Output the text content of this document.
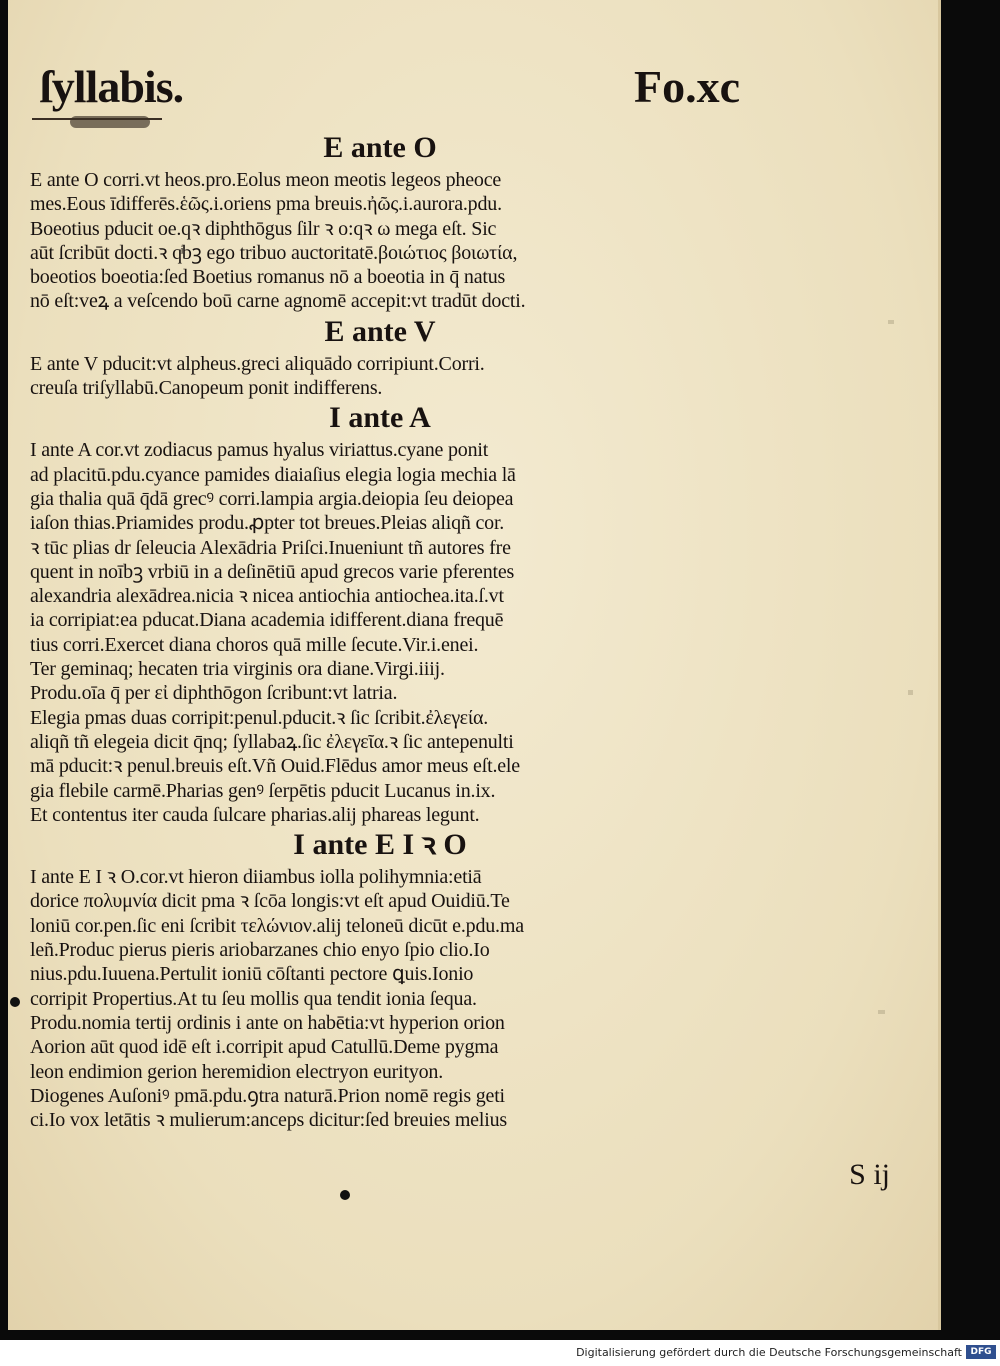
ſyllabis.	Fo.xc
E ante O
E ante O corri.vt heos.pro.Eolus meon meotis legeos pheoce
mes.Eous īdifferēs.ἑῶς.i.oriens pma breuis.ἠῶς.i.aurora.pdu.
Boeotius pducit oe.qꝛ diphthōgus ſilr ꝛ o:qꝛ ω mega eſt. Sic
aūt ſcribūt docti.ꝛ qͥbꝫ ego tribuo auctoritatē.βοιώτιος βοιωτία,
boeotios boeotia:ſed Boetius romanus nō a boeotia in q̄ natus
nō eſt:veꝝ a veſcendo boū carne agnomē accepit:vt tradūt docti.
E ante V
E ante V pducit:vt alpheus.greci aliquādo corripiunt.Corri.
creuſa triſyllabū.Canopeum ponit indifferens.
I ante A
I ante A cor.vt zodiacus pamus hyalus viriattus.cyane ponit
ad placitū.pdu.cyance pamides diaiaſius elegia logia mechia lā
gia thalia quā q̄dā grecꝰ corri.lampia argia.deiopia ſeu deiopea
iaſon thias.Priamides produ.ꝓpter tot breues.Pleias aliqñ cor.
ꝛ tūc plias dr ſeleucia Alexādria Priſci.Inueniunt tñ autores fre
quent in noībꝫ vrbiū in a deſinētiū apud grecos varie pferentes
alexandria alexādrea.nicia ꝛ nicea antiochia antiochea.ita.ſ.vt
ia corripiat:ea pducat.Diana academia idifferent.diana frequē
tius corri.Exercet diana choros quā mille ſecute.Vir.i.enei.
Ter geminaq; hecaten tria virginis ora diane.Virgi.iiij.
Produ.oīa q̄ per εἰ diphthōgon ſcribunt:vt latria.
Elegia pmas duas corripit:penul.pducit.ꝛ ſic ſcribit.ἐλεγεία.
aliqñ tñ elegeia dicit q̄nq; ſyllabaꝝ.ſic ἐλεγεῖα.ꝛ ſic antepenulti
mā pducit:ꝛ penul.breuis eſt.Vñ Ouid.Flēdus amor meus eſt.ele
gia flebile carmē.Pharias genꝰ ſerpētis pducit Lucanus in.ix.
Et contentus iter cauda ſulcare pharias.alij phareas legunt.
I ante E I ꝛ O
I ante E I ꝛ O.cor.vt hieron diiambus iolla polihymnia:etiā
dorice πολυμνία dicit pma ꝛ ſcōa longis:vt eſt apud Ouidiū.Te
loniū cor.pen.ſic eni ſcribit τελώνιον.alij teloneū dicūt e.pdu.ma
leñ.Produc pierus pieris ariobarzanes chio enyo ſpio clio.Io
nius.pdu.Iuuena.Pertulit ioniū cōſtanti pectore ꝗuis.Ionio
corripit Propertius.At tu ſeu mollis qua tendit ionia ſequa.
Produ.nomia tertij ordinis i ante on habētia:vt hyperion orion
Aorion aūt quod idē eſt i.corripit apud Catullū.Deme pygma
leon endimion gerion heremidion electryon eurityon.
Diogenes Auſoniꝰ pmā.pdu.ꝯtra naturā.Prion nomē regis geti
ci.Io vox letātis ꝛ mulierum:anceps dicitur:ſed breuies melius
S ij
Digitalisierung gefördert durch die Deutsche Forschungsgemeinschaft DFG
